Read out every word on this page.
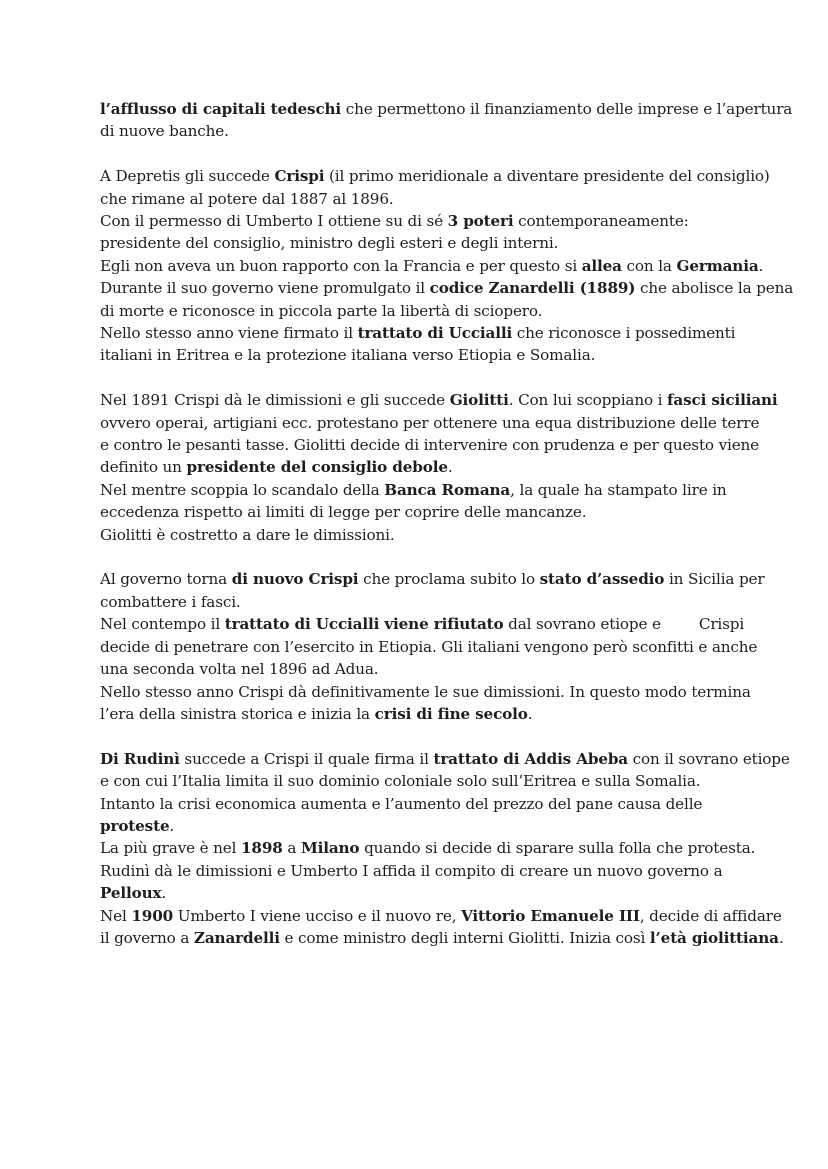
l’afflusso di capitali tedeschi che permettono il finanziamento delle imprese e l’apertura
di nuove banche.

A Depretis gli succede Crispi (il primo meridionale a diventare presidente del consiglio)
che rimane al potere dal 1887 al 1896.
Con il permesso di Umberto I ottiene su di sé 3 poteri contemporaneamente:
presidente del consiglio, ministro degli esteri e degli interni.
Egli non aveva un buon rapporto con la Francia e per questo si allea con la Germania.
Durante il suo governo viene promulgato il codice Zanardelli (1889) che abolisce la pena
di morte e riconosce in piccola parte la libertà di sciopero.
Nello stesso anno viene firmato il trattato di Uccialli che riconosce i possedimenti
italiani in Eritrea e la protezione italiana verso Etiopia e Somalia.

Nel 1891 Crispi dà le dimissioni e gli succede Giolitti. Con lui scoppiano i fasci siciliani
ovvero operai, artigiani ecc. protestano per ottenere una equa distribuzione delle terre
e contro le pesanti tasse. Giolitti decide di intervenire con prudenza e per questo viene
definito un presidente del consiglio debole.
Nel mentre scoppia lo scandalo della Banca Romana, la quale ha stampato lire in
eccedenza rispetto ai limiti di legge per coprire delle mancanze.
Giolitti è costretto a dare le dimissioni.

Al governo torna di nuovo Crispi che proclama subito lo stato d’assedio in Sicilia per
combattere i fasci.
Nel contempo il trattato di Uccialli viene rifiutato dal sovrano etiope e	Crispi
decide di penetrare con l’esercito in Etiopia. Gli italiani vengono però sconfitti e anche
una seconda volta nel 1896 ad Adua.
Nello stesso anno Crispi dà definitivamente le sue dimissioni. In questo modo termina
l’era della sinistra storica e inizia la crisi di fine secolo.

Di Rudinì succede a Crispi il quale firma il trattato di Addis Abeba con il sovrano etiope
e con cui l’Italia limita il suo dominio coloniale solo sull’Eritrea e sulla Somalia.
Intanto la crisi economica aumenta e l’aumento del prezzo del pane causa delle
proteste.
La più grave è nel 1898 a Milano quando si decide di sparare sulla folla che protesta.
Rudinì dà le dimissioni e Umberto I affida il compito di creare un nuovo governo a
Pelloux.
Nel 1900 Umberto I viene ucciso e il nuovo re, Vittorio Emanuele III, decide di affidare
il governo a Zanardelli e come ministro degli interni Giolitti. Inizia così l’età giolittiana.
